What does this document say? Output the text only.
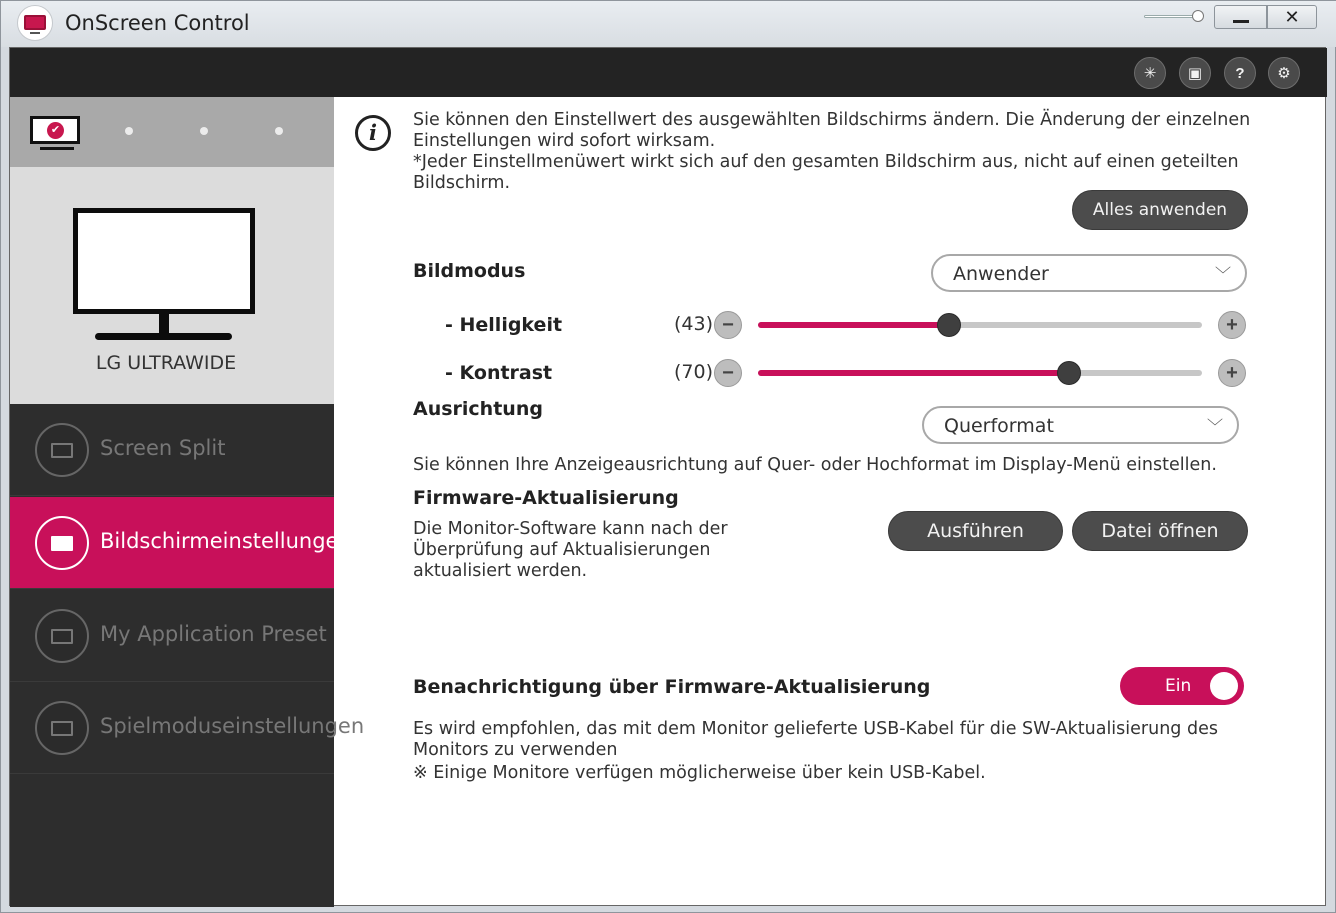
OnScreen Control	✕
✳	▣	?	⚙
✔
LG ULTRAWIDE
Screen Split
Bildschirmeinstellungen
My Application Preset
Spielmoduseinstellungen
i	Sie können den Einstellwert des ausgewählten Bildschirms ändern. Die Änderung der einzelnen Einstellungen wird sofort wirksam.
*Jeder Einstellmenüwert wirkt sich auf den gesamten Bildschirm aus, nicht auf einen geteilten Bildschirm.
Alles anwenden
Bildmodus	Anwender	﹀
- Helligkeit	(43) −	+
- Kontrast	(70) −	+
Ausrichtung
Querformat	﹀
Sie können Ihre Anzeigeausrichtung auf Quer- oder Hochformat im Display-Menü einstellen.
Firmware-Aktualisierung
Die Monitor-Software kann nach der Überprüfung auf Aktualisierungen aktualisiert werden.
Ausführen	Datei öffnen
Benachrichtigung über Firmware-Aktualisierung	Ein
Es wird empfohlen, das mit dem Monitor gelieferte USB-Kabel für die SW-Aktualisierung des Monitors zu verwenden
※ Einige Monitore verfügen möglicherweise über kein USB-Kabel.
